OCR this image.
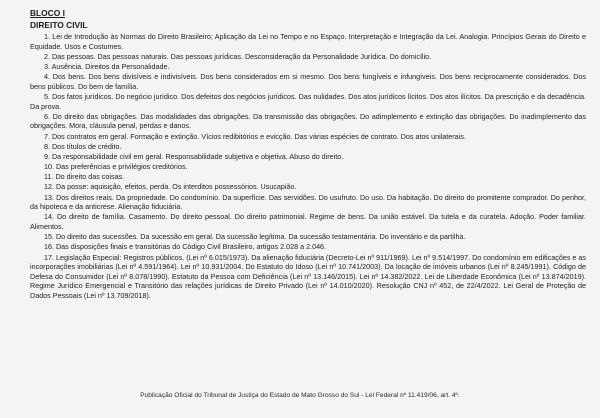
BLOCO I
DIREITO CIVIL

1. Lei de Introdução às Normas do Direito Brasileiro; Aplicação da Lei no Tempo e no Espaço. Interpretação e Integração da Lei. Analogia. Princípios Gerais do Direito e Equidade. Usos e Costumes.

2. Das pessoas. Das pessoas naturais. Das pessoas jurídicas. Desconsideração da Personalidade Jurídica. Do domicílio.

3. Ausência. Direitos da Personalidade.

4. Dos bens. Dos bens divisíveis e indivisíveis. Dos bens considerados em si mesmo. Dos bens fungíveis e infungíveis. Dos bens reciprocamente considerados. Dos bens públicos. Do bem de família.

5. Dos fatos jurídicos. Do negócio jurídico. Dos defeitos dos negócios jurídicos. Das nulidades. Dos atos jurídicos lícitos. Dos atos ilícitos. Da prescrição e da decadência. Da prova.

6. Do direito das obrigações. Das modalidades das obrigações. Da transmissão das obrigações. Do adimplemento e extinção das obrigações. Do inadimplemento das obrigações. Mora, cláusula penal, perdas e danos.

7. Dos contratos em geral. Formação e extinção. Vícios redibitórios e evicção. Das várias espécies de contrato. Dos atos unilaterais.

8. Dos títulos de crédito.

9. Da responsabilidade civil em geral. Responsabilidade subjetiva e objetiva. Abuso do direito.

10. Das preferências e privilégios creditórios.

11. Do direito das coisas.

12. Da posse: aquisição, efeitos, perda. Os interditos possessórios. Usucapião.

13. Dos direitos reais. Da propriedade. Do condomínio. Da superfície. Das servidões. Do usufruto. Do uso. Da habitação. Do direito do promitente comprador. Do penhor, da hipoteca e da anticrese. Alienação fiduciária.

14. Do direito de família. Casamento. Do direito pessoal. Do direito patrimonial. Regime de bens. Da união estável. Da tutela e da curatela. Adoção. Poder familiar. Alimentos.

15. Do direito das sucessões. Da sucessão em geral. Da sucessão legítima. Da sucessão testamentária. Do inventário e da partilha.

16. Das disposições finais e transitórias do Código Civil Brasileiro, artigos 2.028 a 2.046.

17. Legislação Especial: Registros públicos. (Lei nº 6.015/1973). Da alienação fiduciária (Decreto-Lei nº 911/1969). Lei nº 9.514/1997. Do condomínio em edificações e as incorporações imobiliárias (Lei nº 4.591/1964). Lei nº 10.931/2004. Do Estatuto do Idoso (Lei nº 10.741/2003). Da locação de imóveis urbanos (Lei nº 8.245/1991). Código de Defesa do Consumidor (Lei nº 8.078/1990). Estatuto da Pessoa com Deficiência (Lei nº 13.146/2015). Lei nº 14.382/2022. Lei de Liberdade Econômica (Lei nº 13.874/2019). Regime Jurídico Emergencial e Transitório das relações jurídicas de Direito Privado (Lei nº 14.010/2020). Resolução CNJ nº 452, de 22/4/2022. Lei Geral de Proteção de Dados Pessoais (Lei nº 13.709/2018).

Publicação Oficial do Tribunal de Justiça do Estado de Mato Grosso do Sul - Lei Federal nº 11.419/06, art. 4º.
